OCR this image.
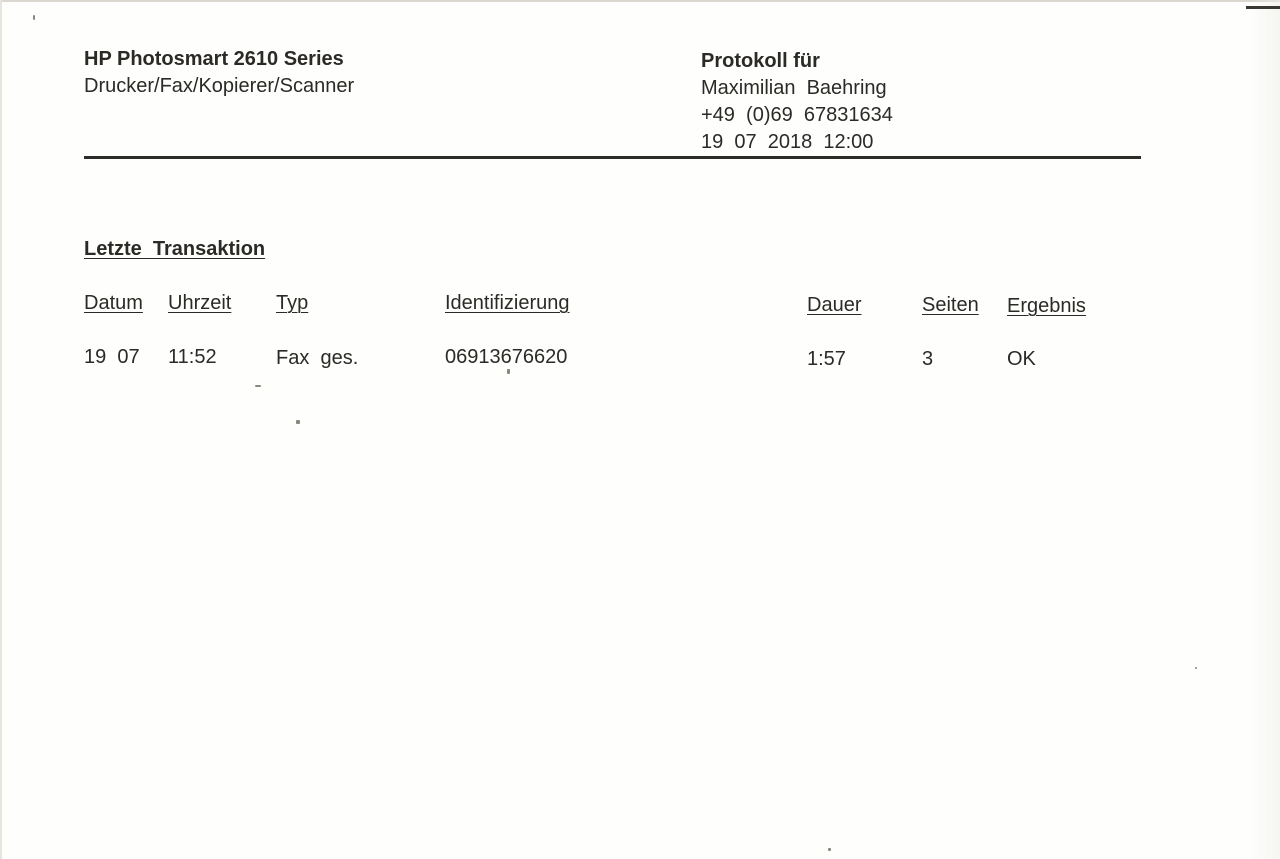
HP Photosmart 2610 Series
Drucker/Fax/Kopierer/Scanner
Protokoll für
Maximilian  Baehring
+49  (0)69  67831634
19  07  2018  12:00
Letzte  Transaktion
Datum Uhrzeit Typ	Identifizierung	Dauer	Seiten Ergebnis
19  07 11:52	Fax  ges.	06913676620	1:57	3	OK
